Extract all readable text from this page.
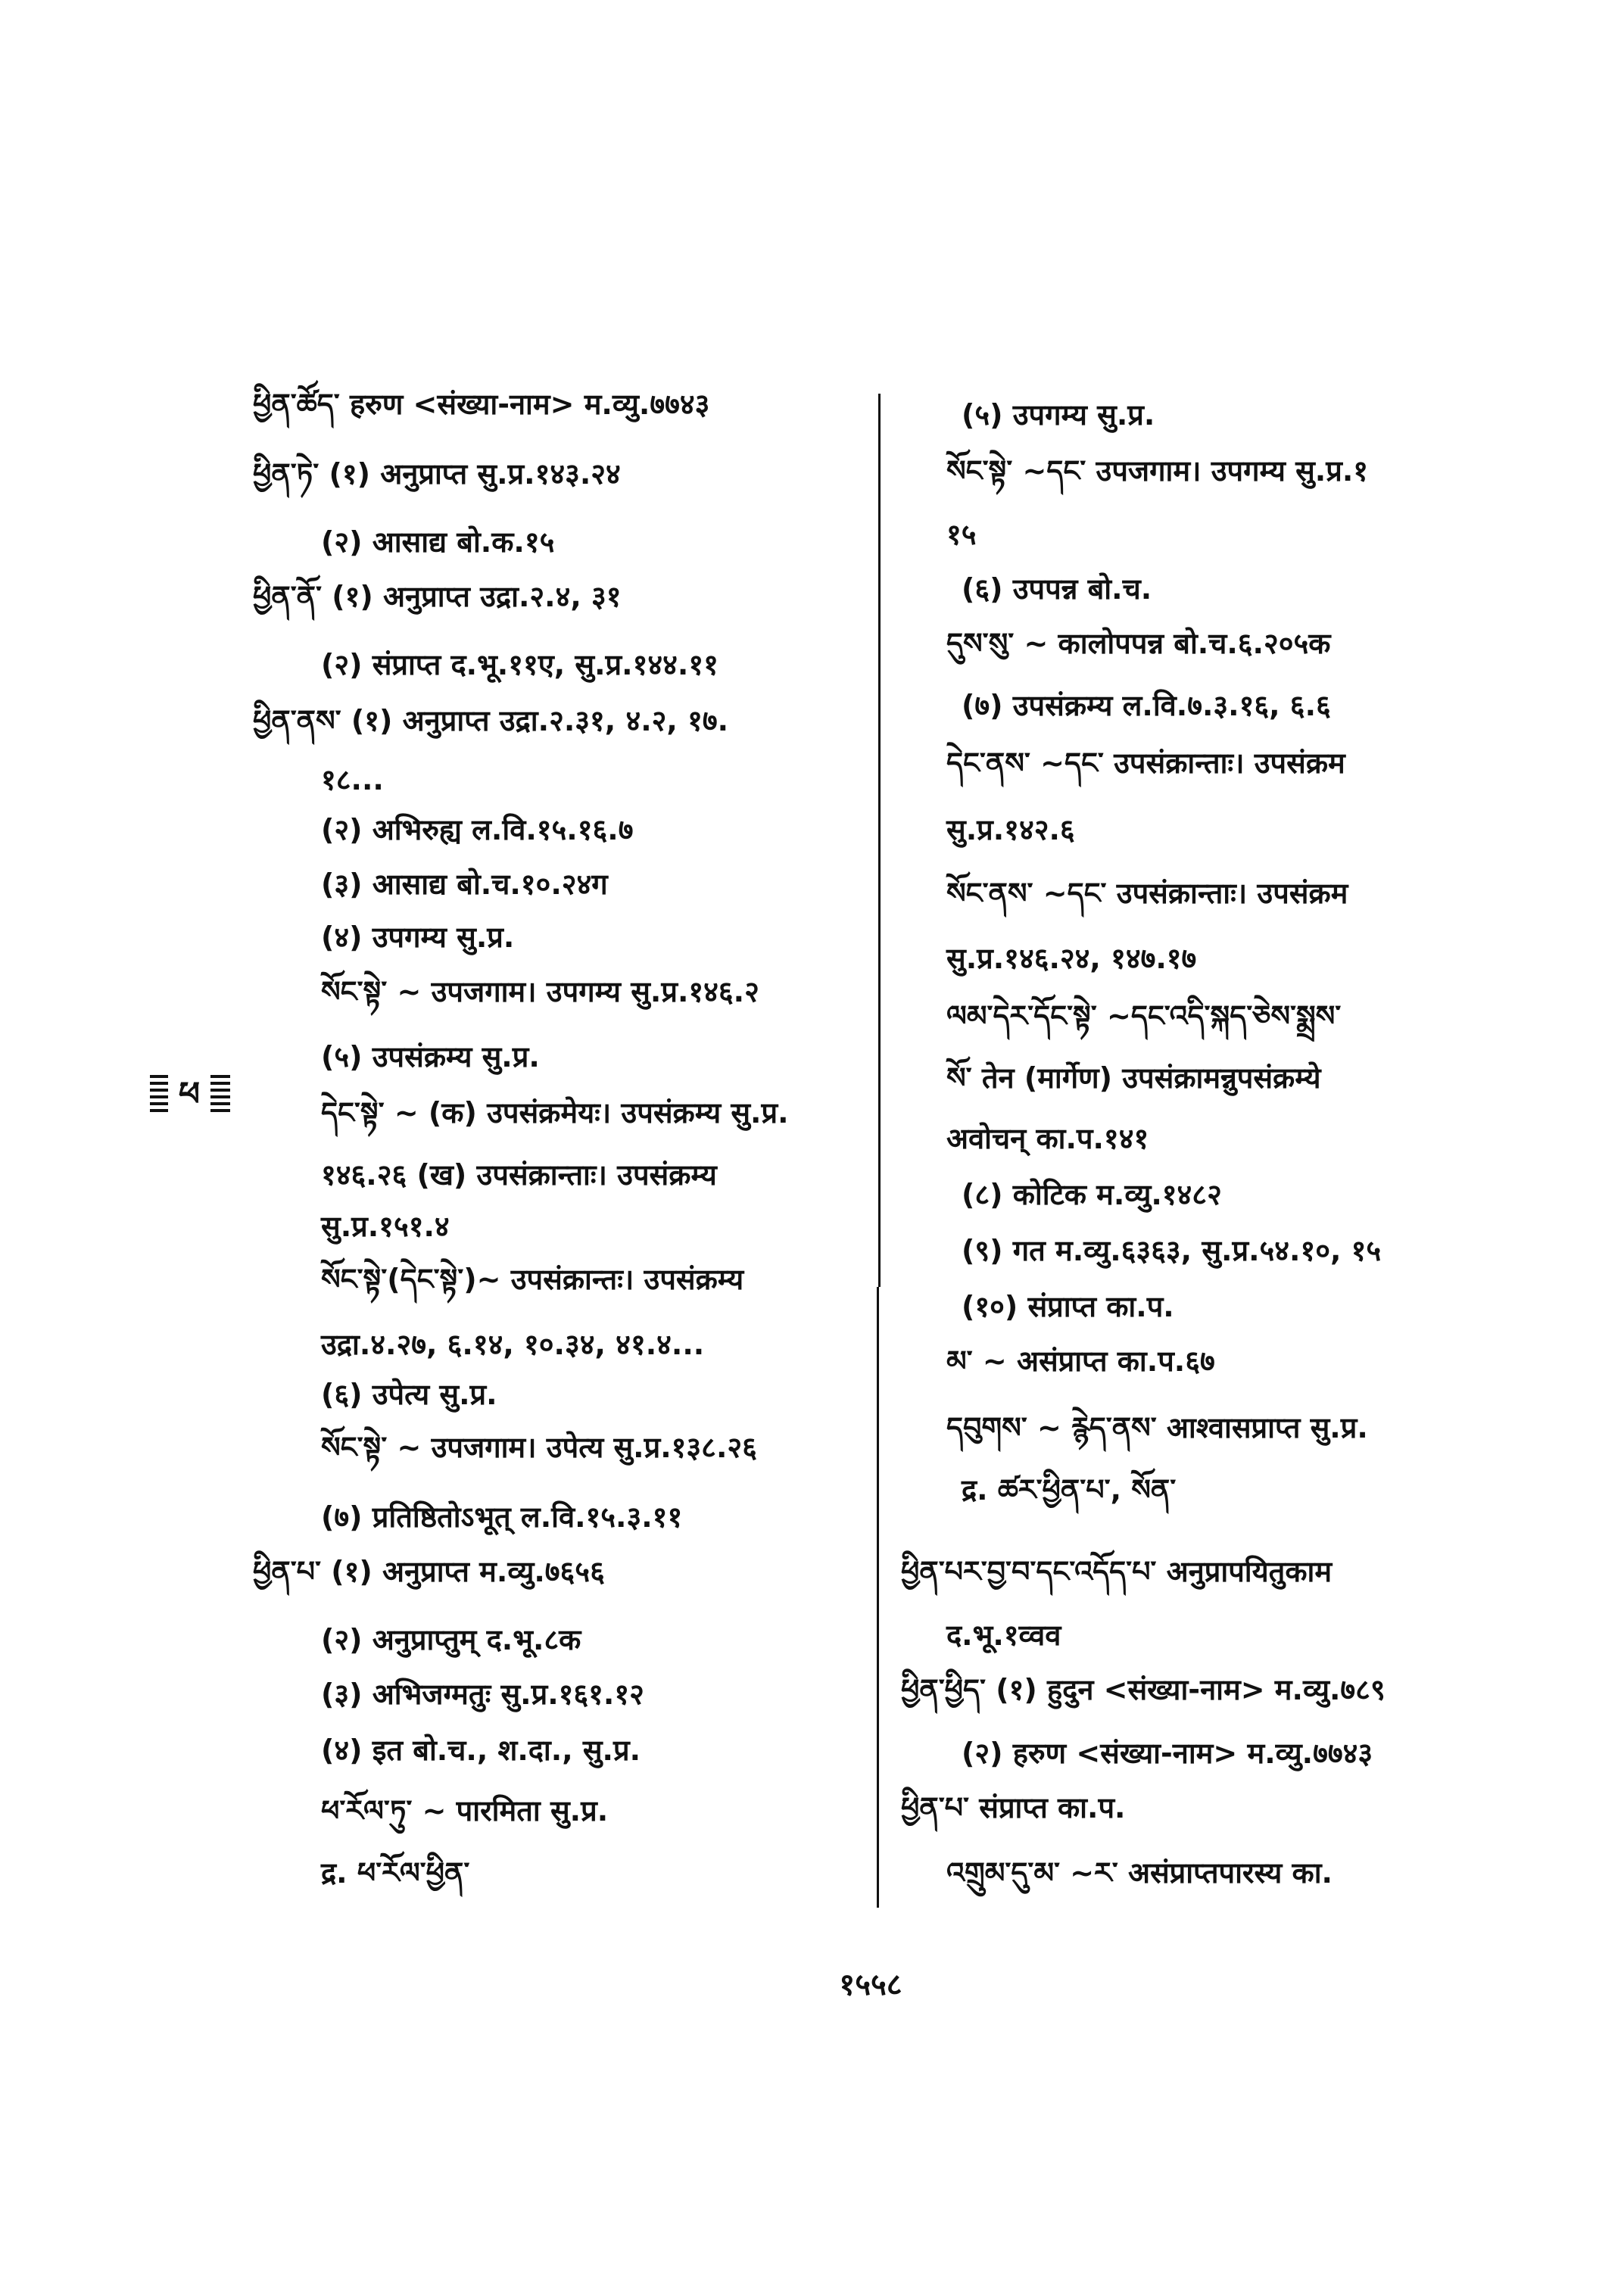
ཕྱིན་ཚོད་ हरुण <संख्या-नाम> म.व्यु.७७४३
ཕྱིན་ཏེ་ (१) अनुप्राप्त सु.प्र.१४३.२४
(२) आसाद्य बो.क.१५
ཕྱིན་ནོ་ (१) अनुप्राप्त उद्रा.२.४, ३१
(२) संप्राप्त द.भू.११ए, सु.प्र.१४४.११
ཕྱིན་ནས་ (१) अनुप्राप्त उद्रा.२.३१, ४.२, १७.
१८...
(२) अभिरुह्य ल.वि.१५.१६.७
(३) आसाद्य बो.च.१०.२४ग
(४) उपगम्य सु.प्र.
སོང་སྟེ་ ~ उपजगाम। उपगम्य सु.प्र.१४६.२
(५) उपसंक्रम्य सु.प्र.
དེང་སྟེ་ ~ (क) उपसंक्रमेयः। उपसंक्रम्य सु.प्र.
१४६.२६ (ख) उपसंक्रान्ताः। उपसंक्रम्य
सु.प्र.१५१.४
སོང་སྟེ་(དེང་སྟེ་)~ उपसंक्रान्तः। उपसंक्रम्य
उद्रा.४.२७, ६.१४, १०.३४, ४१.४...
(६) उपेत्य सु.प्र.
སོང་སྟེ་ ~ उपजगाम। उपेत्य सु.प्र.१३८.२६
(७) प्रतिष्ठितोऽभूत् ल.वि.१५.३.११
ཕྱིན་པ་ (१) अनुप्राप्त म.व्यु.७६५६
(२) अनुप्राप्तुम् द.भू.८क
(३) अभिजग्मतुः सु.प्र.१६१.१२
(४) इत बो.च., श.दा., सु.प्र.
ཕ་རོལ་ཏུ་ ~ पारमिता सु.प्र.
द्र. ཕ་རོལ་ཕྱིན་
(५) उपगम्य सु.प्र.
སོང་སྟེ་ ~དང་ उपजगाम। उपगम्य सु.प्र.१
१५
(६) उपपन्न बो.च.
དུས་སུ་ ~ कालोपपन्न बो.च.६.२०५क
(७) उपसंक्रम्य ल.वि.७.३.१६, ६.६
དེང་ནས་ ~དང་ उपसंक्रान्ताः। उपसंक्रम
सु.प्र.१४२.६
སོང་ནས་ ~དང་ उपसंक्रान्ताः। उपसंक्रम
सु.प्र.१४६.२४, १४७.१७
ལམ་དེར་དོང་སྟེ་ ~དང་འདི་སྐད་ཅེས་སྨྲས་
སོ་ तेन (मार्गेण) उपसंक्रामन्नुपसंक्रम्ये
अवोचन् का.प.१४१
(८) कोटिक म.व्यु.१४८२
(९) गत म.व्यु.६३६३, सु.प्र.५४.१०, १५
(१०) संप्राप्त का.प.
མ་ ~ असंप्राप्त का.प.६७
དབུགས་ ~ རྙེད་ནས་ आश्वासप्राप्त सु.प्र.
द्र. ཚར་ཕྱིན་པ་, སོན་
ཕྱིན་པར་བྱ་བ་དང་འདོད་པ་ अनुप्रापयितुकाम
द.भू.१व्वव
ཕྱིན་ཕྱིད་ (१) हुदुन <संख्या-नाम> म.व्यु.७८९
(२) हरुण <संख्या-नाम> म.व्यु.७७४३
ཕྱིན་པ་ संप्राप्त का.प.
འགྲུམ་དུ་མ་ ~ར་ असंप्राप्तपारस्य का.
ཕ
१५५८
